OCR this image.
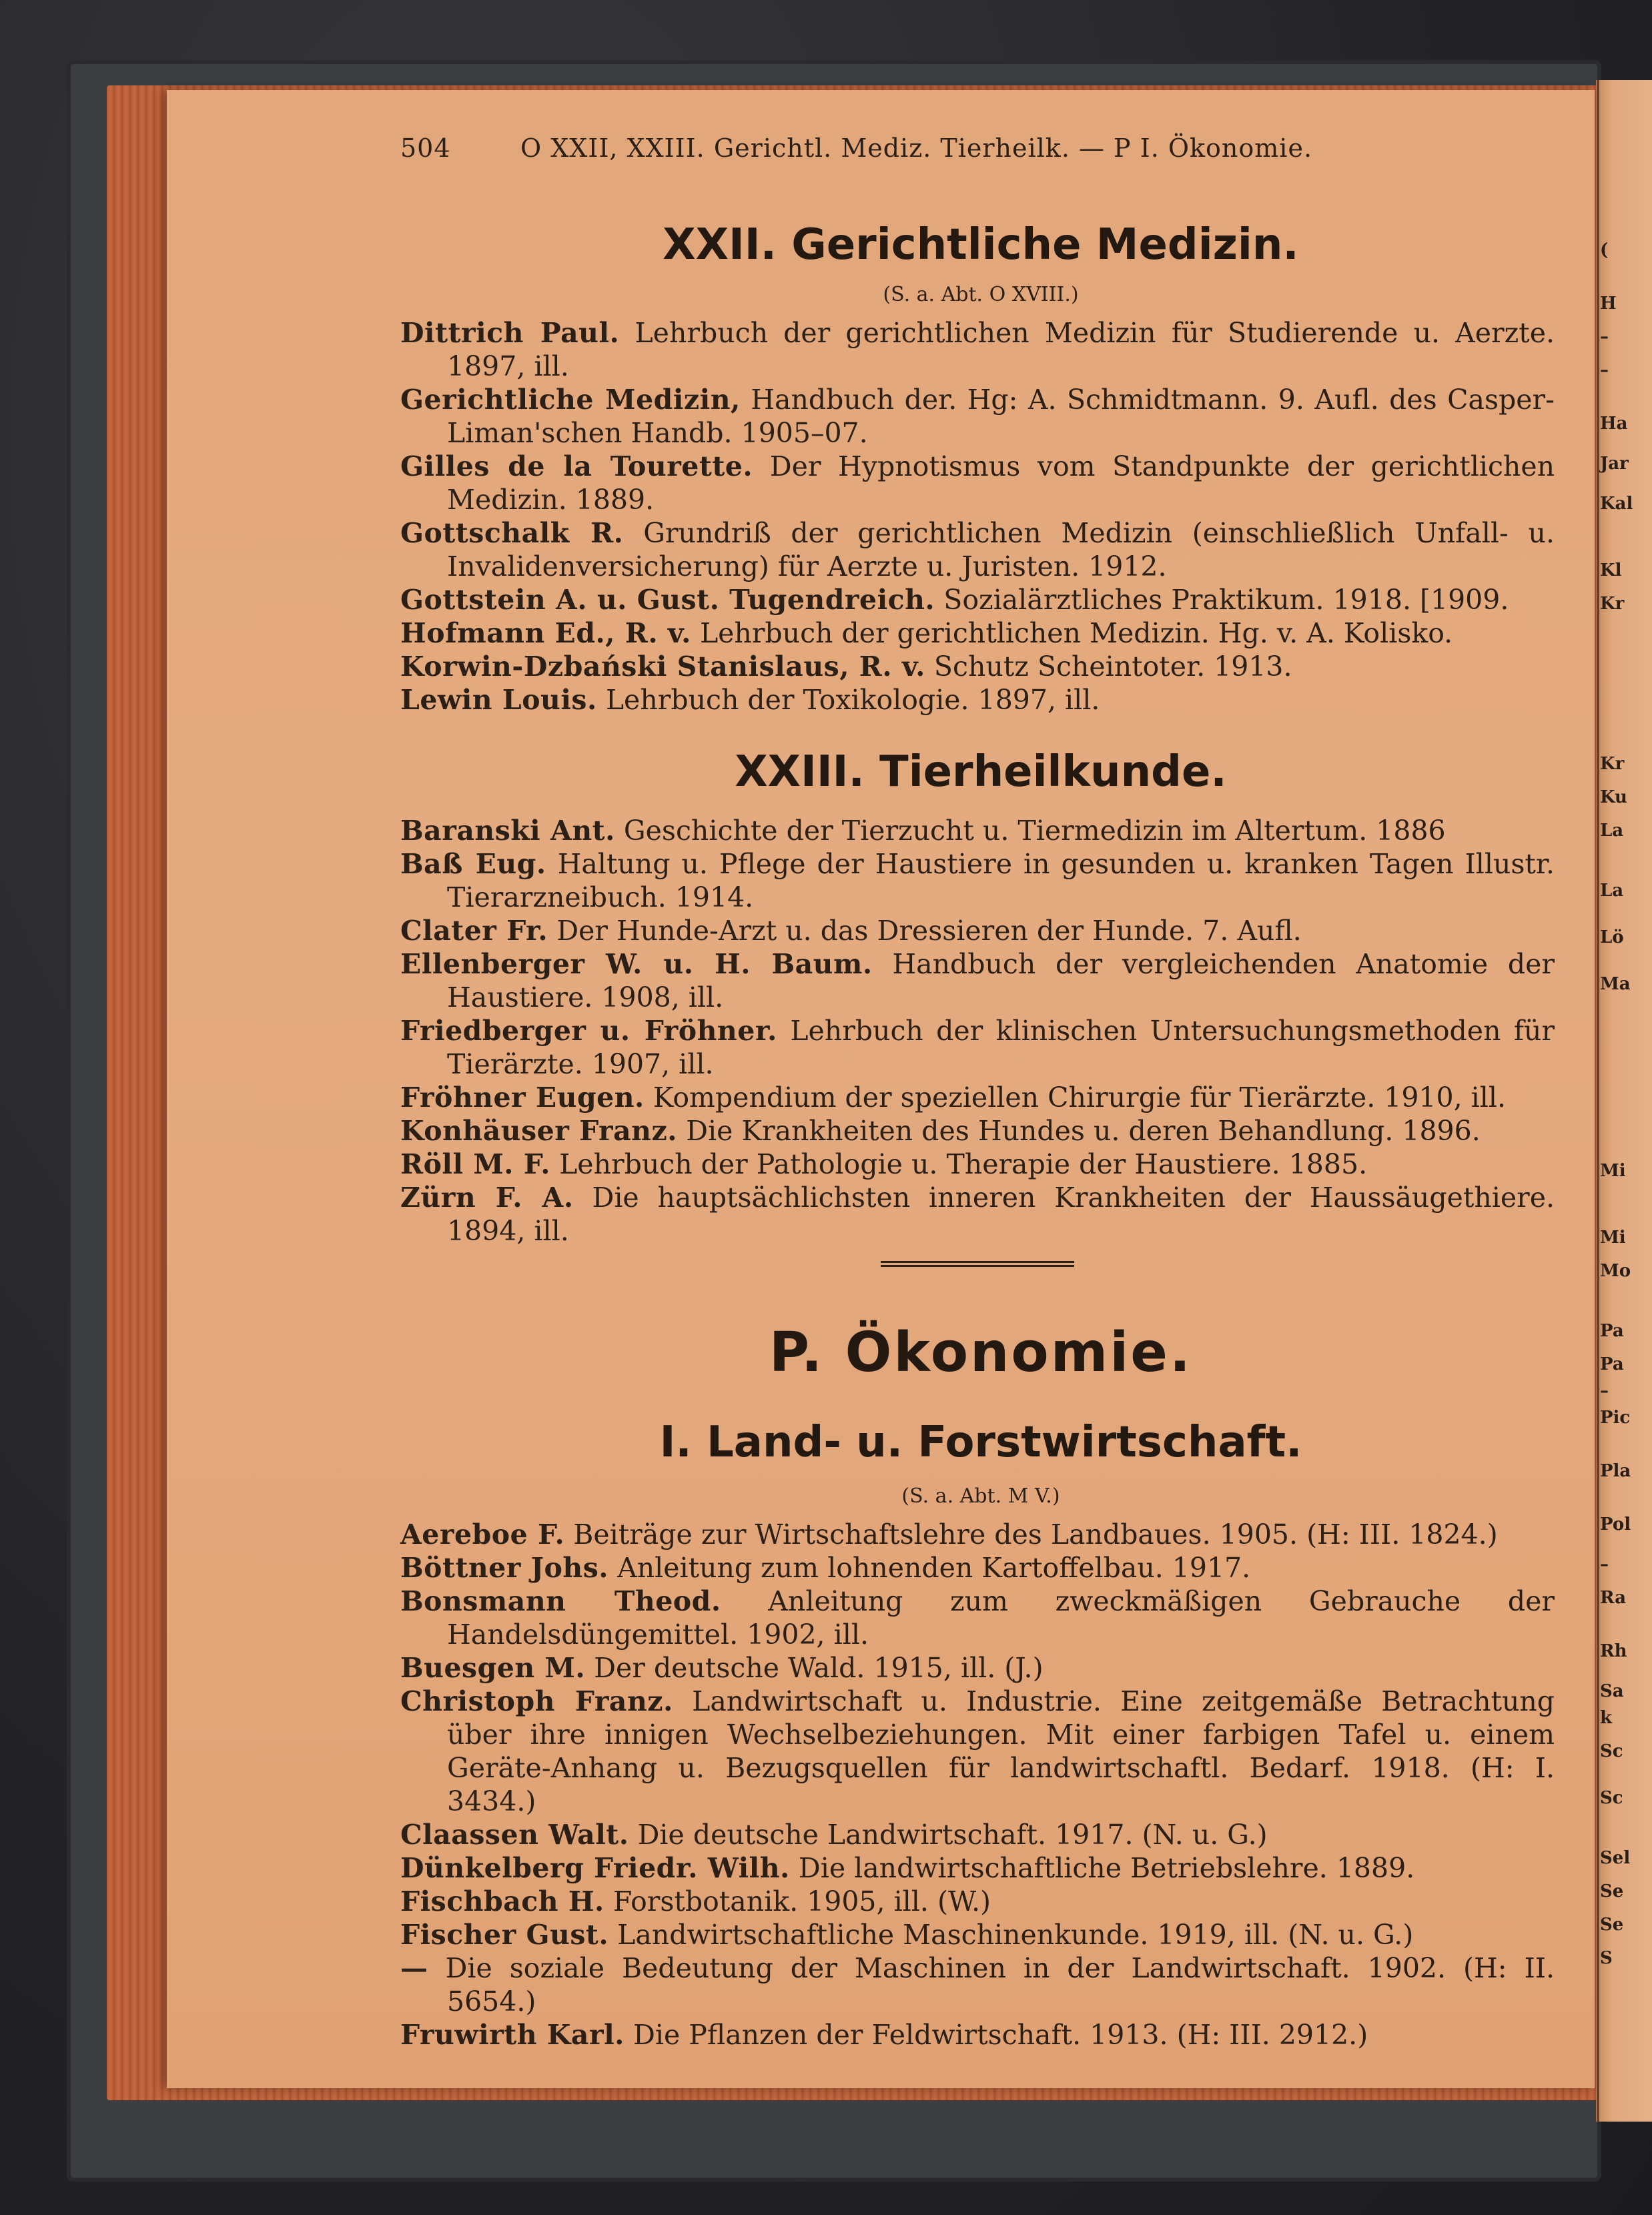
(
H
–
–
Ha
Jar
Kal
Kl
Kr
Kr
Ku
La
La
Lö
Ma
Mi
Mi
Mo
Pa
Pa
–
Pic
Pla
Pol
–
Ra
Rh
Sa
k
Sc
Sc
Sel
Se
Se
S
504	O XXII, XXIII. Gerichtl. Mediz. Tierheilk. — P I. Ökonomie.
XXII. Gerichtliche Medizin.
(S. a. Abt. O XVIII.)
Dittrich Paul. Lehrbuch der gerichtlichen Medizin für Studierende u. Aerzte. 1897, ill.
Gerichtliche Medizin, Handbuch der. Hg: A. Schmidtmann. 9. Aufl. des Casper-Liman'schen Handb. 1905–07.
Gilles de la Tourette. Der Hypnotismus vom Standpunkte der gerichtlichen Medizin. 1889.
Gottschalk R. Grundriß der gerichtlichen Medizin (einschließlich Unfall- u. Invalidenversicherung) für Aerzte u. Juristen. 1912.
Gottstein A. u. Gust. Tugendreich. Sozialärztliches Praktikum. 1918. [1909.
Hofmann Ed., R. v. Lehrbuch der gerichtlichen Medizin. Hg. v. A. Kolisko.
Korwin-Dzbański Stanislaus, R. v. Schutz Scheintoter. 1913.
Lewin Louis. Lehrbuch der Toxikologie. 1897, ill.
XXIII. Tierheilkunde.
Baranski Ant. Geschichte der Tierzucht u. Tiermedizin im Altertum. 1886
Baß Eug. Haltung u. Pflege der Haustiere in gesunden u. kranken Tagen Illustr. Tierarzneibuch. 1914.
Clater Fr. Der Hunde-Arzt u. das Dressieren der Hunde. 7. Aufl.
Ellenberger W. u. H. Baum. Handbuch der vergleichenden Anatomie der Haustiere. 1908, ill.
Friedberger u. Fröhner. Lehrbuch der klinischen Untersuchungsmethoden für Tierärzte. 1907, ill.
Fröhner Eugen. Kompendium der speziellen Chirurgie für Tierärzte. 1910, ill.
Konhäuser Franz. Die Krankheiten des Hundes u. deren Behandlung. 1896.
Röll M. F. Lehrbuch der Pathologie u. Therapie der Haustiere. 1885.
Zürn F. A. Die hauptsächlichsten inneren Krankheiten der Haussäugethiere. 1894, ill.
P. Ökonomie.
I. Land- u. Forstwirtschaft.
(S. a. Abt. M V.)
Aereboe F. Beiträge zur Wirtschaftslehre des Landbaues. 1905. (H: III. 1824.)
Böttner Johs. Anleitung zum lohnenden Kartoffelbau. 1917.
Bonsmann Theod. Anleitung zum zweckmäßigen Gebrauche der Handelsdüngemittel. 1902, ill.
Buesgen M. Der deutsche Wald. 1915, ill. (J.)
Christoph Franz. Landwirtschaft u. Industrie. Eine zeitgemäße Betrachtung über ihre innigen Wechselbeziehungen. Mit einer farbigen Tafel u. einem Geräte-Anhang u. Bezugsquellen für landwirtschaftl. Bedarf. 1918. (H: I. 3434.)
Claassen Walt. Die deutsche Landwirtschaft. 1917. (N. u. G.)
Dünkelberg Friedr. Wilh. Die landwirtschaftliche Betriebslehre. 1889.
Fischbach H. Forstbotanik. 1905, ill. (W.)
Fischer Gust. Landwirtschaftliche Maschinenkunde. 1919, ill. (N. u. G.)
— Die soziale Bedeutung der Maschinen in der Landwirtschaft. 1902. (H: II. 5654.)
Fruwirth Karl. Die Pflanzen der Feldwirtschaft. 1913. (H: III. 2912.)
